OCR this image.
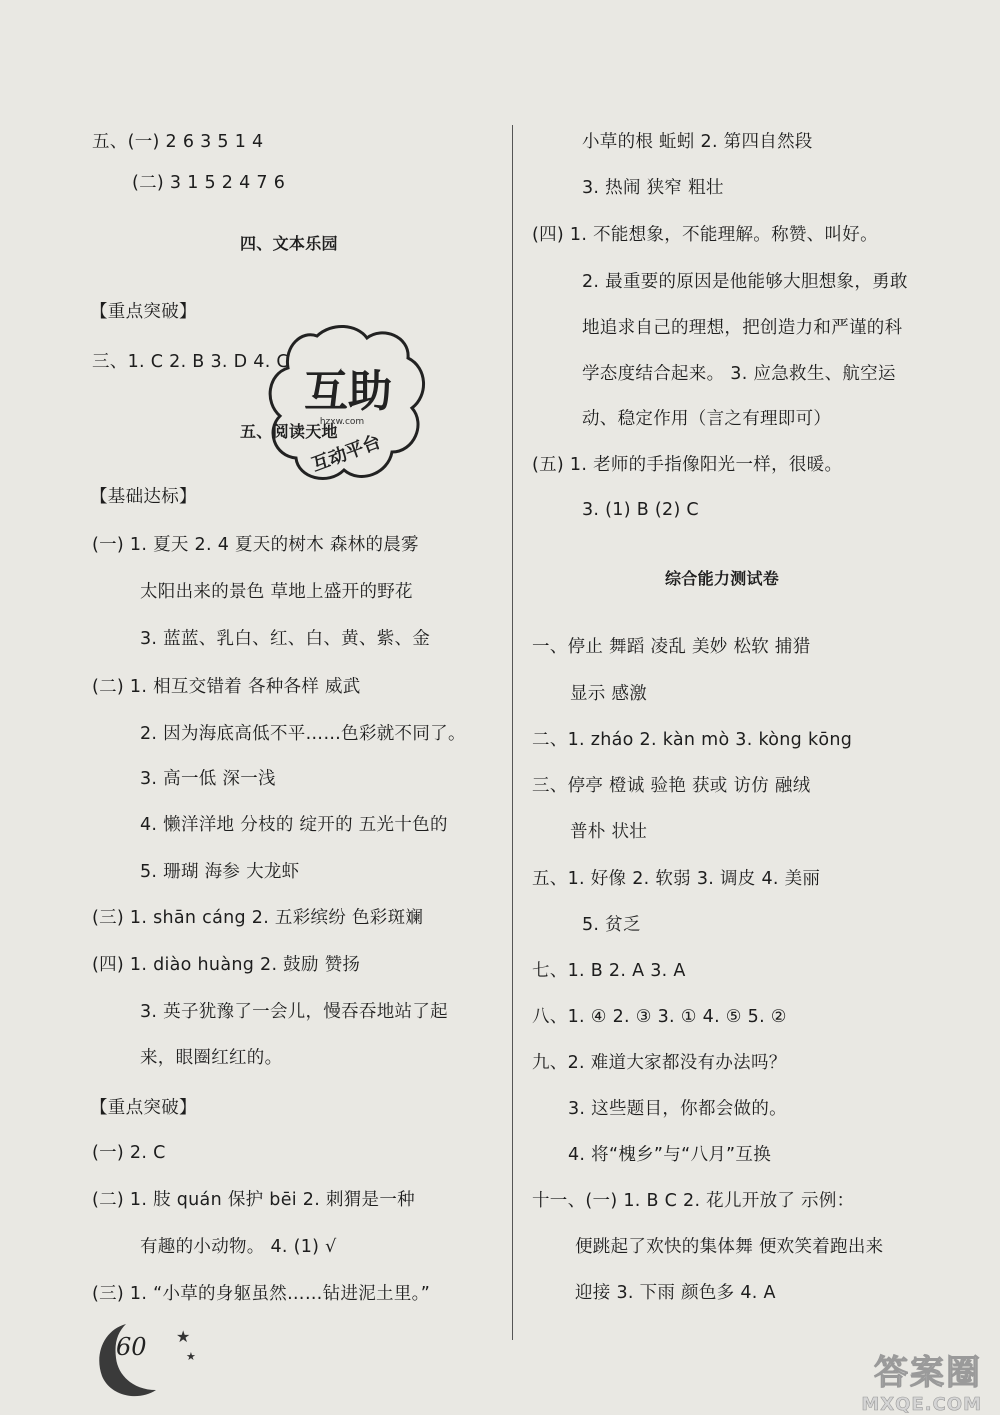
五、(一) 2 6 3 5 1 4
(二) 3 1 5 2 4 7 6
四、文本乐园
【重点突破】
三、1. C 2. B 3. D 4. C
五、阅读天地
【基础达标】
(一) 1. 夏天 2. 4 夏天的树木 森林的晨雾
太阳出来的景色 草地上盛开的野花
3. 蓝蓝、乳白、红、白、黄、紫、金
(二) 1. 相互交错着 各种各样 威武
2. 因为海底高低不平……色彩就不同了。
3. 高一低 深一浅
4. 懒洋洋地 分枝的 绽开的 五光十色的
5. 珊瑚 海参 大龙虾
(三) 1. shān cáng 2. 五彩缤纷 色彩斑斓
(四) 1. diào huàng 2. 鼓励 赞扬
3. 英子犹豫了一会儿，慢吞吞地站了起
来，眼圈红红的。
【重点突破】
(一) 2. C
(二) 1. 肢 quán 保护 bēi 2. 刺猬是一种
有趣的小动物。 4. (1) √
(三) 1. “小草的身躯虽然……钻进泥土里。”
小草的根 蚯蚓 2. 第四自然段
3. 热闹 狭窄 粗壮
(四) 1. 不能想象，不能理解。称赞、叫好。
2. 最重要的原因是他能够大胆想象，勇敢
地追求自己的理想，把创造力和严谨的科
学态度结合起来。 3. 应急救生、航空运
动、稳定作用（言之有理即可）
(五) 1. 老师的手指像阳光一样，很暖。
3. (1) B (2) C
综合能力测试卷
一、停止 舞蹈 凌乱 美妙 松软 捕猎
显示 感激
二、1. zháo 2. kàn mò 3. kòng kōng
三、停亭 橙诚 验艳 获或 访仿 融绒
普朴 状壮
五、1. 好像 2. 软弱 3. 调皮 4. 美丽
5. 贫乏
七、1. B 2. A 3. A
八、1. ④ 2. ③ 3. ① 4. ⑤ 5. ②
九、2. 难道大家都没有办法吗？
3. 这些题目，你都会做的。
4. 将“槐乡”与“八月”互换
十一、(一) 1. B C 2. 花儿开放了 示例：
便跳起了欢快的集体舞 便欢笑着跑出来
迎接 3. 下雨 颜色多 4. A
互助
hzxw.com
互动平台
★
★
60
答案圈
MXQE.COM
